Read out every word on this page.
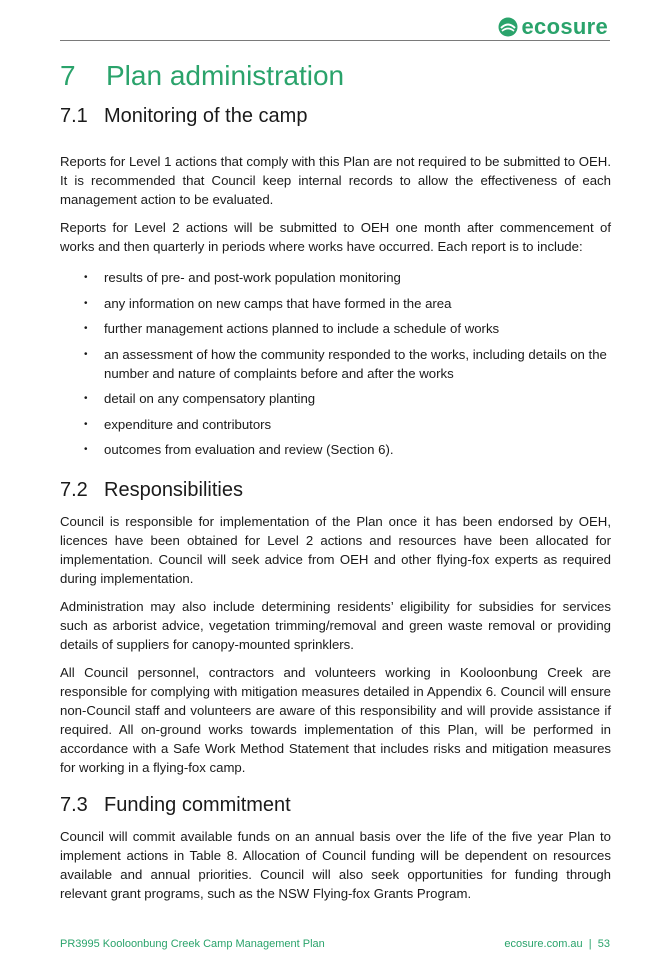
ecosure
7 Plan administration
7.1 Monitoring of the camp

Reports for Level 1 actions that comply with this Plan are not required to be submitted to OEH. It is recommended that Council keep internal records to allow the effectiveness of each management action to be evaluated.

Reports for Level 2 actions will be submitted to OEH one month after commencement of works and then quarterly in periods where works have occurred. Each report is to include:

• results of pre- and post-work population monitoring
• any information on new camps that have formed in the area
• further management actions planned to include a schedule of works
• an assessment of how the community responded to the works, including details on the number and nature of complaints before and after the works
• detail on any compensatory planting
• expenditure and contributors
• outcomes from evaluation and review (Section 6).
7.2 Responsibilities

Council is responsible for implementation of the Plan once it has been endorsed by OEH, licences have been obtained for Level 2 actions and resources have been allocated for implementation. Council will seek advice from OEH and other flying-fox experts as required during implementation.

Administration may also include determining residents’ eligibility for subsidies for services such as arborist advice, vegetation trimming/removal and green waste removal or providing details of suppliers for canopy-mounted sprinklers.

All Council personnel, contractors and volunteers working in Kooloonbung Creek are responsible for complying with mitigation measures detailed in Appendix 6. Council will ensure non-Council staff and volunteers are aware of this responsibility and will provide assistance if required. All on-ground works towards implementation of this Plan, will be performed in accordance with a Safe Work Method Statement that includes risks and mitigation measures for working in a flying-fox camp.

7.3 Funding commitment

Council will commit available funds on an annual basis over the life of the five year Plan to implement actions in Table 8. Allocation of Council funding will be dependent on resources available and annual priorities. Council will also seek opportunities for funding through relevant grant programs, such as the NSW Flying-fox Grants Program.

PR3995 Kooloonbung Creek Camp Management Plan	ecosure.com.au  |  53
